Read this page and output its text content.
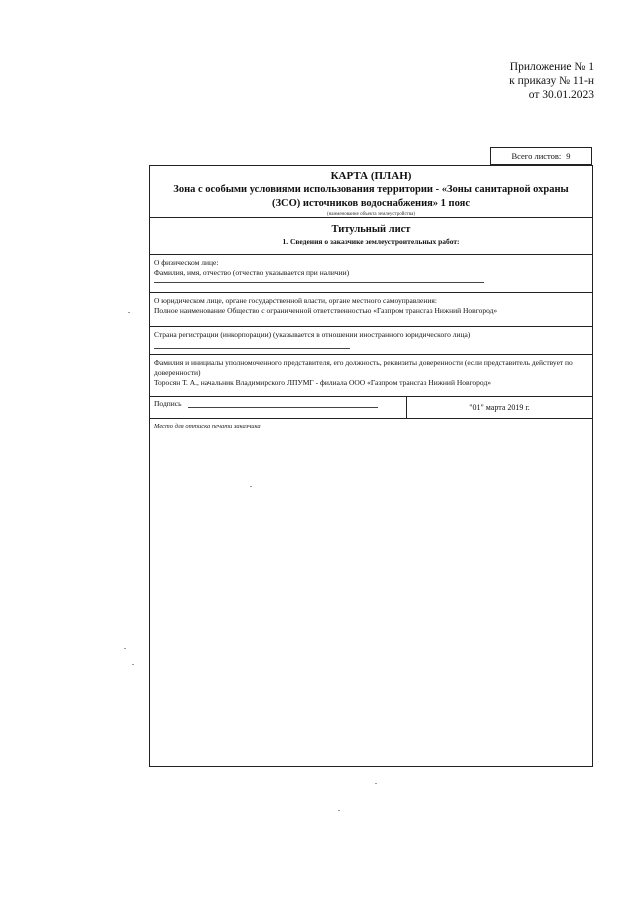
Приложение № 1
к приказу № 11-н
от 30.01.2023
Всего листов: 9
КАРТА (ПЛАН)
Зона с особыми условиями использования территории - «Зоны санитарной охраны
(ЗСО) источников водоснабжения» 1 пояс
(наименование объекта землеустройства)
Титульный лист
1. Сведения о заказчике землеустроительных работ:
О физическом лице:
Фамилия, имя, отчество (отчество указывается при наличии)
О юридическом лице, органе государственной власти, органе местного самоуправления:
Полное наименование Общество с ограниченной ответственностью «Газпром трансгаз Нижний Новгород»
Страна регистрации (инкорпорации) (указывается в отношении иностранного юридического лица)
Фамилия и инициалы уполномоченного представителя, его должность, реквизиты доверенности (если представитель действует по доверенности)
Торосян Т. А., начальник Владимирского ЛПУМГ - филиала ООО «Газпром трансгаз Нижний Новгород»
Подпись	"01" марта 2019 г.
Место для оттиска печати заказчика
